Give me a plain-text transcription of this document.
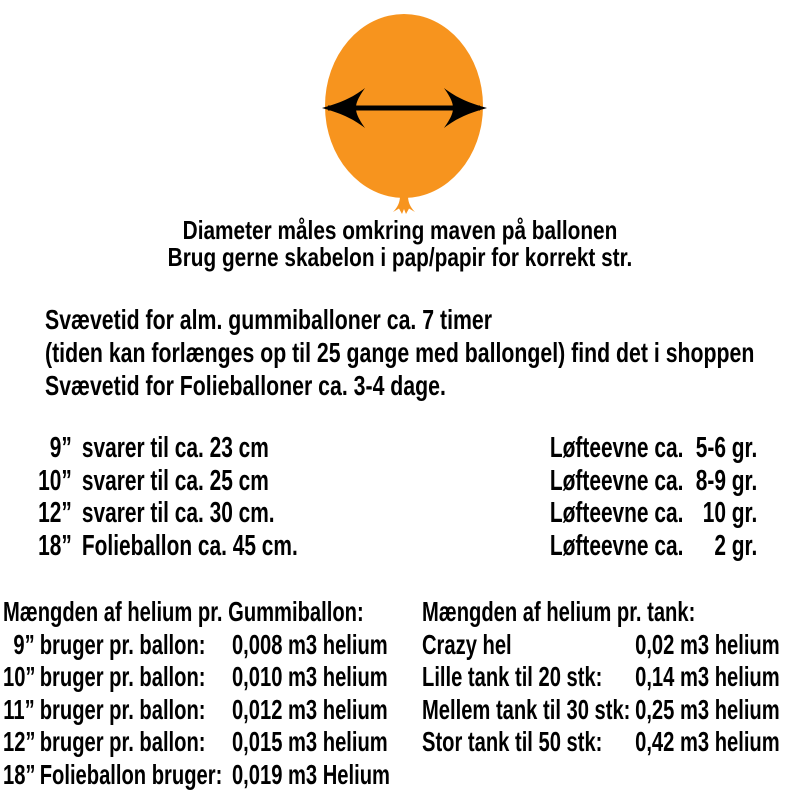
Diameter måles omkring maven på ballonen
Brug gerne skabelon i pap/papir for korrekt str.
Svævetid for alm. gummiballoner ca. 7 timer
(tiden kan forlænges op til 25 gange med ballongel) find det i shoppen
Svævetid for Folieballoner ca. 3-4 dage.
9” svarer til ca. 23 cm	Løfteevne ca. 5-6 gr.
10” svarer til ca. 25 cm	Løfteevne ca. 8-9 gr.
12” svarer til ca. 30 cm.	Løfteevne ca. 10 gr.
18” Folieballon ca. 45 cm.	Løfteevne ca. 2 gr.
Mængden af helium pr. Gummiballon:
9” bruger pr. ballon: 0,008 m3 helium
10” bruger pr. ballon: 0,010 m3 helium
11” bruger pr. ballon: 0,012 m3 helium
12” bruger pr. ballon: 0,015 m3 helium
18” Folieballon bruger: 0,019 m3 Helium
Mængden af helium pr. tank:
Crazy hel	0,02 m3 helium
Lille tank til 20 stk: 0,14 m3 helium
Mellem tank til 30 stk: 0,25 m3 helium
Stor tank til 50 stk: 0,42 m3 helium
